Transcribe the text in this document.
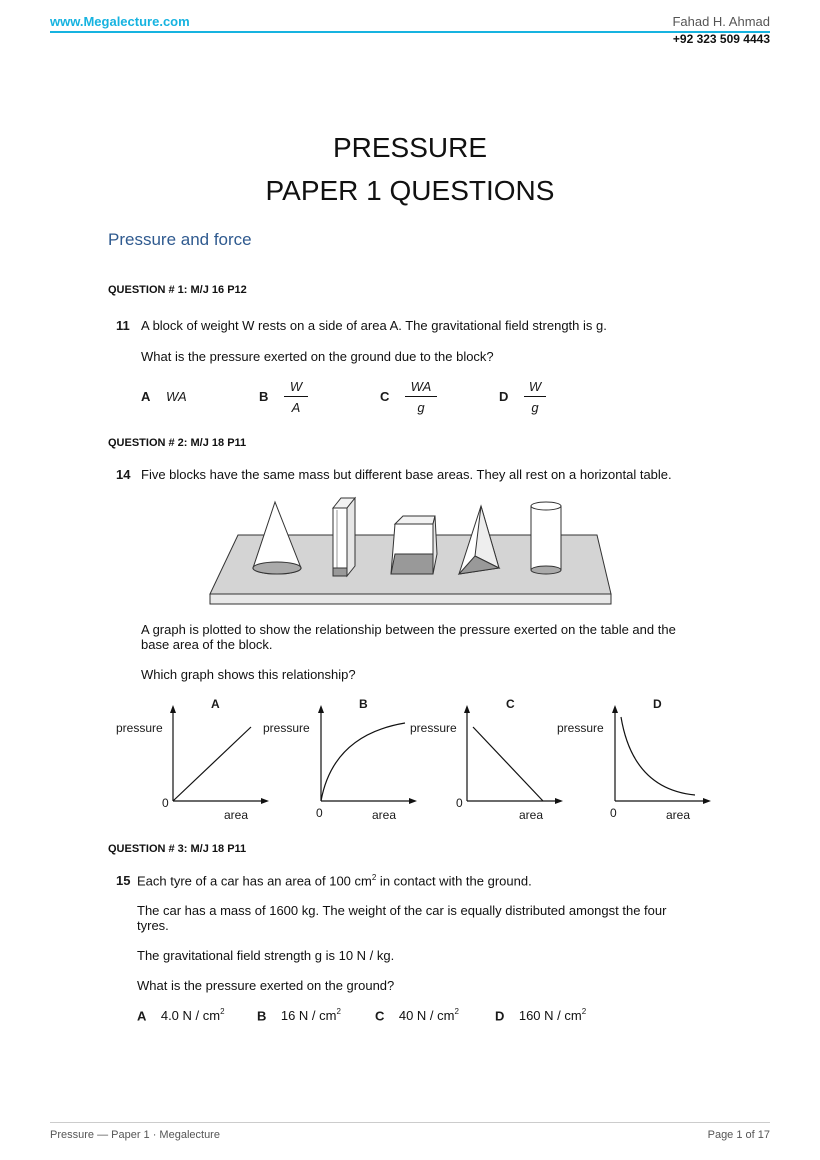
www.Megalecture.com	Fahad H. Ahmad
+92 323 509 4443
PRESSURE
PAPER 1 QUESTIONS
Pressure and force
QUESTION # 1: M/J 16 P12
11 A block of weight W rests on a side of area A. The gravitational field strength is g.
What is the pressure exerted on the ground due to the block?
A WA	B
W
A
C
WA
g
D
W
g
QUESTION # 2: M/J 18 P11
14 Five blocks have the same mass but different base areas. They all rest on a horizontal table.
A graph is plotted to show the relationship between the pressure exerted on the table and the
base area of the block.
Which graph shows this relationship?
A
pressure
0
area
B
pressure
0	area
C
pressure
0
area
D
pressure
0	area
QUESTION # 3: M/J 18 P11
15 Each tyre of a car has an area of 100 $cm^2$ in contact with the ground.
The car has a mass of 1600 kg. The weight of the car is equally distributed amongst the four
tyres.
The gravitational field strength g is 10 N / kg.
What is the pressure exerted on the ground?
A 4.0 N / $cm^2$ B 16 N / $cm^2$	C 40 N / $cm^2$	D 160 N / $cm^2$
Pressure — Paper 1 · Megalecture	Page 1 of 17
